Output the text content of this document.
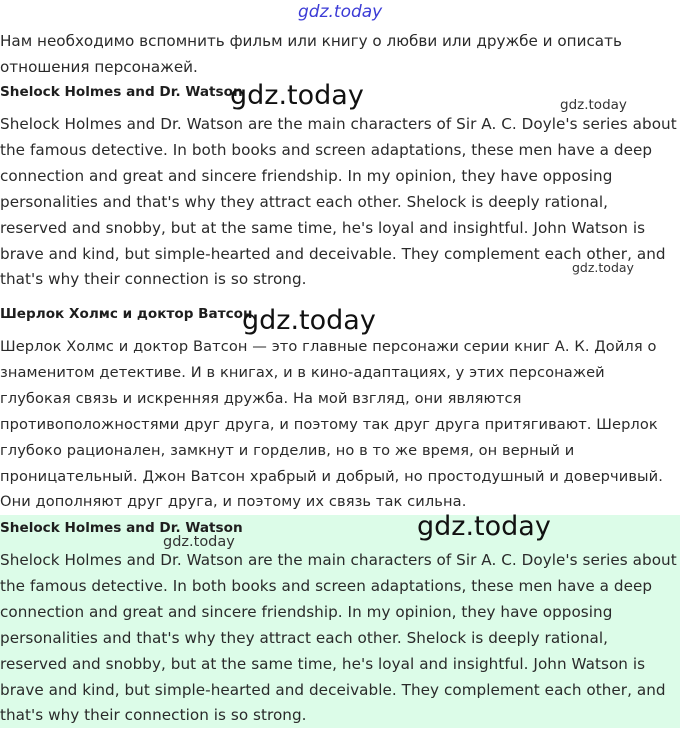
Нам необходимо вспомнить фильм или книгу о любви или дружбе и описать отношения персонажей.

Shelock Holmes and Dr. Watson

Shelock Holmes and Dr. Watson are the main characters of Sir A. C. Doyle's series about the famous detective. In both books and screen adaptations, these men have a deep connection and great and sincere friendship. In my opinion, they have opposing personalities and that's why they attract each other. Shelock is deeply rational, reserved and snobby, but at the same time, he's loyal and insightful. John Watson is brave and kind, but simple-hearted and deceivable. They complement each other, and that's why their connection is so strong.

Шерлок Холмс и доктор Ватсон

Шерлок Холмс и доктор Ватсон — это главные персонажи серии книг А. К. Дойля о знаменитом детективе. И в книгах, и в кино-адаптациях, у этих персонажей глубокая связь и искренняя дружба. На мой взгляд, они являются противоположностями друг друга, и поэтому так друг друга притягивают. Шерлок глубоко рационален, замкнут и горделив, но в то же время, он верный и проницательный. Джон Ватсон храбрый и добрый, но простодушный и доверчивый. Они дополняют друг друга, и поэтому их связь так сильна.

Shelock Holmes and Dr. Watson

Shelock Holmes and Dr. Watson are the main characters of Sir A. C. Doyle's series about the famous detective. In both books and screen adaptations, these men have a deep connection and great and sincere friendship. In my opinion, they have opposing personalities and that's why they attract each other. Shelock is deeply rational, reserved and snobby, but at the same time, he's loyal and insightful. John Watson is brave and kind, but simple-hearted and deceivable. They complement each other, and that's why their connection is so strong.

gdz.today
gdz.today	gdz.today
gdz.today
gdz.today
gdz.today
gdz.today
